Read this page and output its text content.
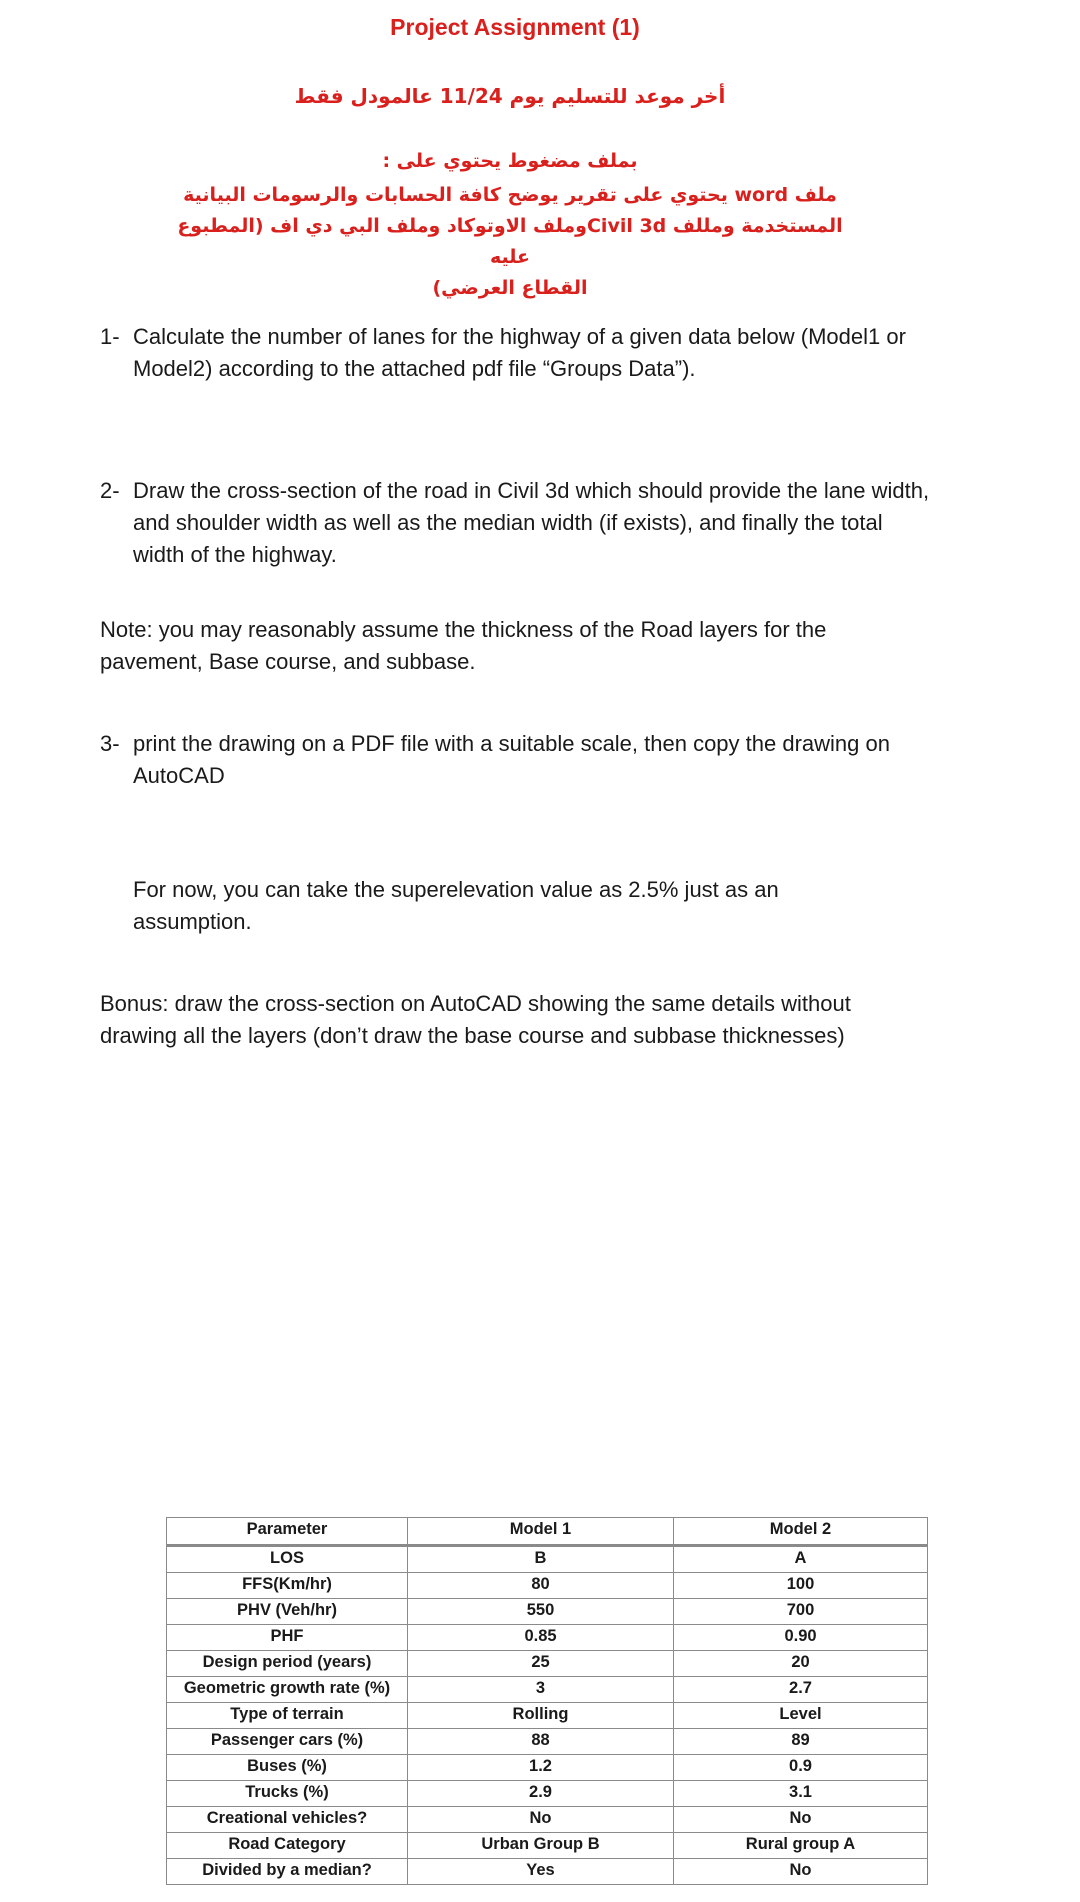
Project Assignment (1)
أخر موعد للتسليم يوم 11/24 عالمودل فقط
بملف مضغوط يحتوي على :
ملف word يحتوي على تقرير يوضح كافة الحسابات والرسومات البيانية
المستخدمة ومللف Civil 3dوملف الاوتوكاد وملف البي دي اف (المطبوع عليه
القطاع العرضي)
1- Calculate the number of lanes for the highway of a given data below (Model1 or Model2) according to the attached pdf file “Groups Data”).
2- Draw the cross-section of the road in Civil 3d which should provide the lane width, and shoulder width as well as the median width (if exists), and finally the total width of the highway.
Note: you may reasonably assume the thickness of the Road layers for the pavement, Base course, and subbase.
3- print the drawing on a PDF file with a suitable scale, then copy the drawing on AutoCAD
For now, you can take the superelevation value as 2.5% just as an assumption.
Bonus: draw the cross-section on AutoCAD showing the same details without drawing all the layers (don’t draw the base course and subbase thicknesses)
Parameter	Model 1	Model 2
LOS	B	A
FFS(Km/hr)	80	100
PHV (Veh/hr)	550	700
PHF	0.85	0.90
Design period (years)	25	20
Geometric growth rate (%)	3	2.7
Type of terrain	Rolling	Level
Passenger cars (%)	88	89
Buses (%)	1.2	0.9
Trucks (%)	2.9	3.1
Creational vehicles?	No	No
Road Category	Urban Group B	Rural group A
Divided by a median?	Yes	No
